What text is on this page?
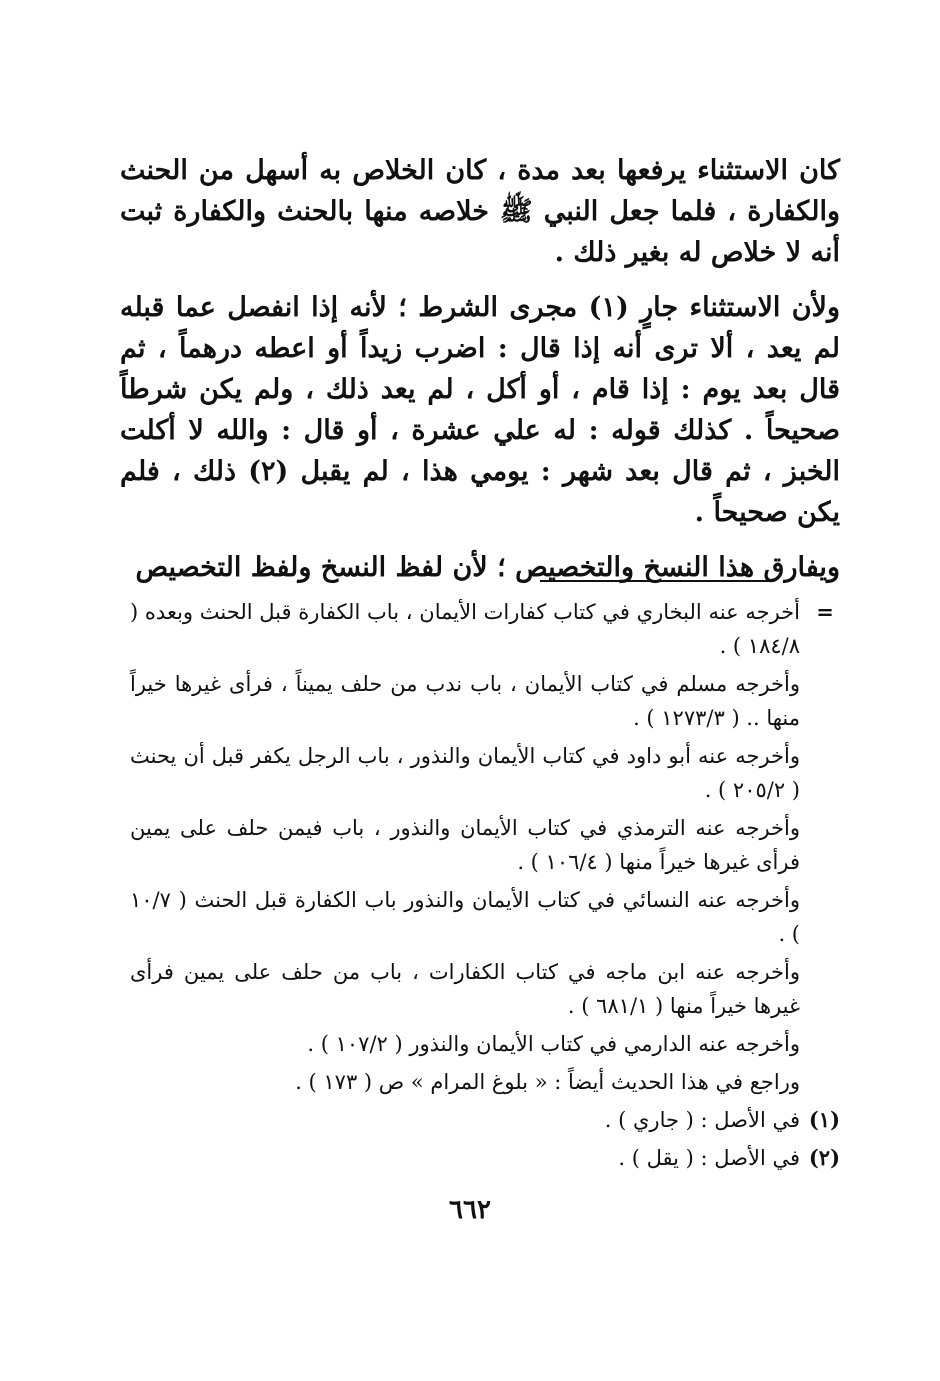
كان الاستثناء يرفعها بعد مدة ، كان الخلاص به أسهل من الحنث والكفارة ، فلما جعل النبي ﷺ خلاصه منها بالحنث والكفارة ثبت أنه لا خلاص له بغير ذلك .

ولأن الاستثناء جارٍ (١) مجرى الشرط ؛ لأنه إذا انفصل عما قبله لم يعد ، ألا ترى أنه إذا قال : اضرب زيداً أو اعطه درهماً ، ثم قال بعد يوم : إذا قام ، أو أكل ، لم يعد ذلك ، ولم يكن شرطاً صحيحاً . كذلك قوله : له علي عشرة ، أو قال : والله لا أكلت الخبز ، ثم قال بعد شهر : يومي هذا ، لم يقبل (٢) ذلك ، فلم يكن صحيحاً .

ويفارق هذا النسخ والتخصيص ؛ لأن لفظ النسخ ولفظ التخصيص

=
أخرجه عنه البخاري في كتاب كفارات الأيمان ، باب الكفارة قبل الحنث وبعده ( ١٨٤/٨ ) .
وأخرجه مسلم في كتاب الأيمان ، باب ندب من حلف يميناً ، فرأى غيرها خيراً منها .. ( ١٢٧٣/٣ ) .
وأخرجه عنه أبو داود في كتاب الأيمان والنذور ، باب الرجل يكفر قبل أن يحنث ( ٢٠٥/٢ ) .
وأخرجه عنه الترمذي في كتاب الأيمان والنذور ، باب فيمن حلف على يمين فرأى غيرها خيراً منها ( ١٠٦/٤ ) .
وأخرجه عنه النسائي في كتاب الأيمان والنذور باب الكفارة قبل الحنث ( ١٠/٧ ) .
وأخرجه عنه ابن ماجه في كتاب الكفارات ، باب من حلف على يمين فرأى غيرها خيراً منها ( ٦٨١/١ ) .
وأخرجه عنه الدارمي في كتاب الأيمان والنذور ( ١٠٧/٢ ) .
وراجع في هذا الحديث أيضاً : « بلوغ المرام » ص ( ١٧٣ ) .
(١)
في الأصل : ( جاري ) .
(٢)
في الأصل : ( يقل ) .
٦٦٢
